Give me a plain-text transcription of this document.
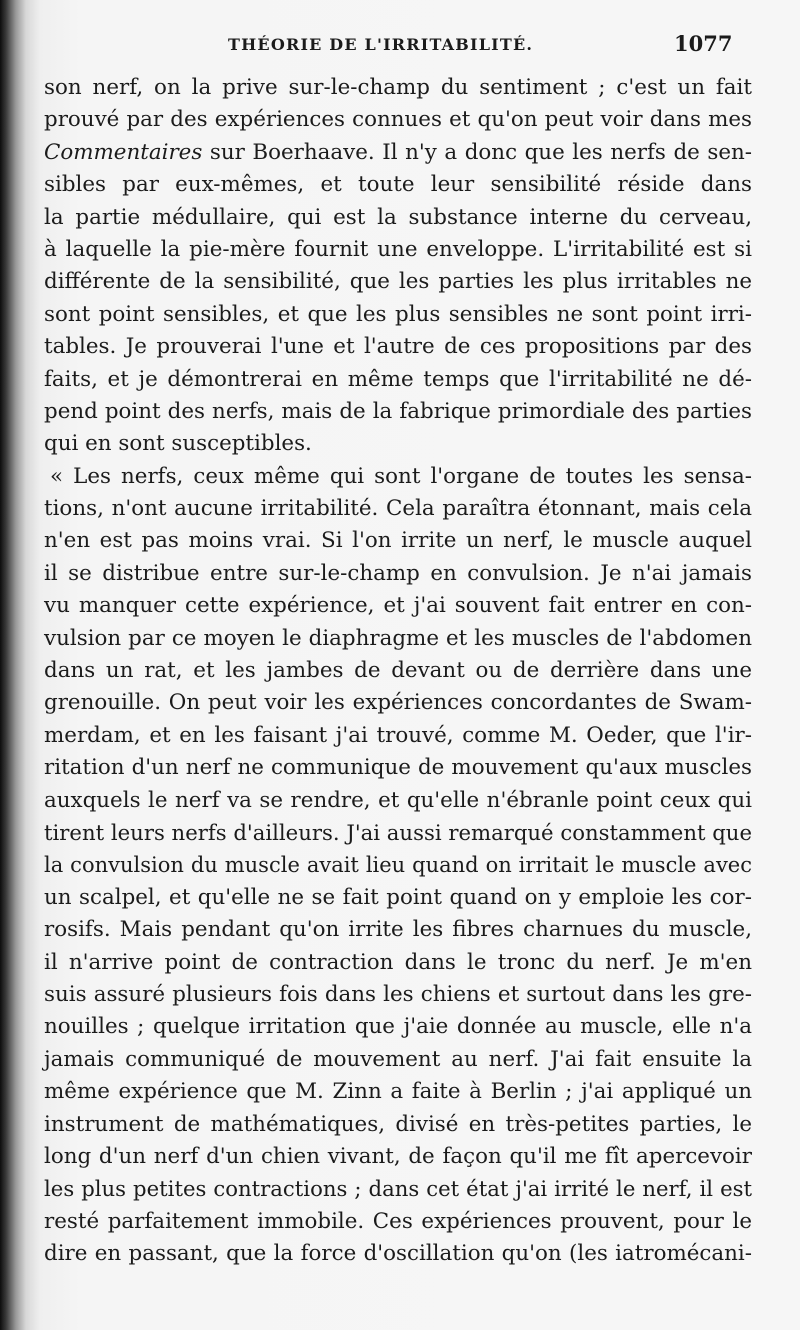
THÉORIE DE L'IRRITABILITÉ.	1077
son nerf, on la prive sur-le-champ du sentiment ; c'est un fait
prouvé par des expériences connues et qu'on peut voir dans mes
Commentaires sur Boerhaave. Il n'y a donc que les nerfs de sen-
sibles par eux-mêmes, et toute leur sensibilité réside dans
la partie médullaire, qui est la substance interne du cerveau,
à laquelle la pie-mère fournit une enveloppe. L'irritabilité est si
différente de la sensibilité, que les parties les plus irritables ne
sont point sensibles, et que les plus sensibles ne sont point irri-
tables. Je prouverai l'une et l'autre de ces propositions par des
faits, et je démontrerai en même temps que l'irritabilité ne dé-
pend point des nerfs, mais de la fabrique primordiale des parties
qui en sont susceptibles.
« Les nerfs, ceux même qui sont l'organe de toutes les sensa-
tions, n'ont aucune irritabilité. Cela paraîtra étonnant, mais cela
n'en est pas moins vrai. Si l'on irrite un nerf, le muscle auquel
il se distribue entre sur-le-champ en convulsion. Je n'ai jamais
vu manquer cette expérience, et j'ai souvent fait entrer en con-
vulsion par ce moyen le diaphragme et les muscles de l'abdomen
dans un rat, et les jambes de devant ou de derrière dans une
grenouille. On peut voir les expériences concordantes de Swam-
merdam, et en les faisant j'ai trouvé, comme M. Oeder, que l'ir-
ritation d'un nerf ne communique de mouvement qu'aux muscles
auxquels le nerf va se rendre, et qu'elle n'ébranle point ceux qui
tirent leurs nerfs d'ailleurs. J'ai aussi remarqué constamment que
la convulsion du muscle avait lieu quand on irritait le muscle avec
un scalpel, et qu'elle ne se fait point quand on y emploie les cor-
rosifs. Mais pendant qu'on irrite les fibres charnues du muscle,
il n'arrive point de contraction dans le tronc du nerf. Je m'en
suis assuré plusieurs fois dans les chiens et surtout dans les gre-
nouilles ; quelque irritation que j'aie donnée au muscle, elle n'a
jamais communiqué de mouvement au nerf. J'ai fait ensuite la
même expérience que M. Zinn a faite à Berlin ; j'ai appliqué un
instrument de mathématiques, divisé en très-petites parties, le
long d'un nerf d'un chien vivant, de façon qu'il me fît apercevoir
les plus petites contractions ; dans cet état j'ai irrité le nerf, il est
resté parfaitement immobile. Ces expériences prouvent, pour le
dire en passant, que la force d'oscillation qu'on (les iatromécani-
